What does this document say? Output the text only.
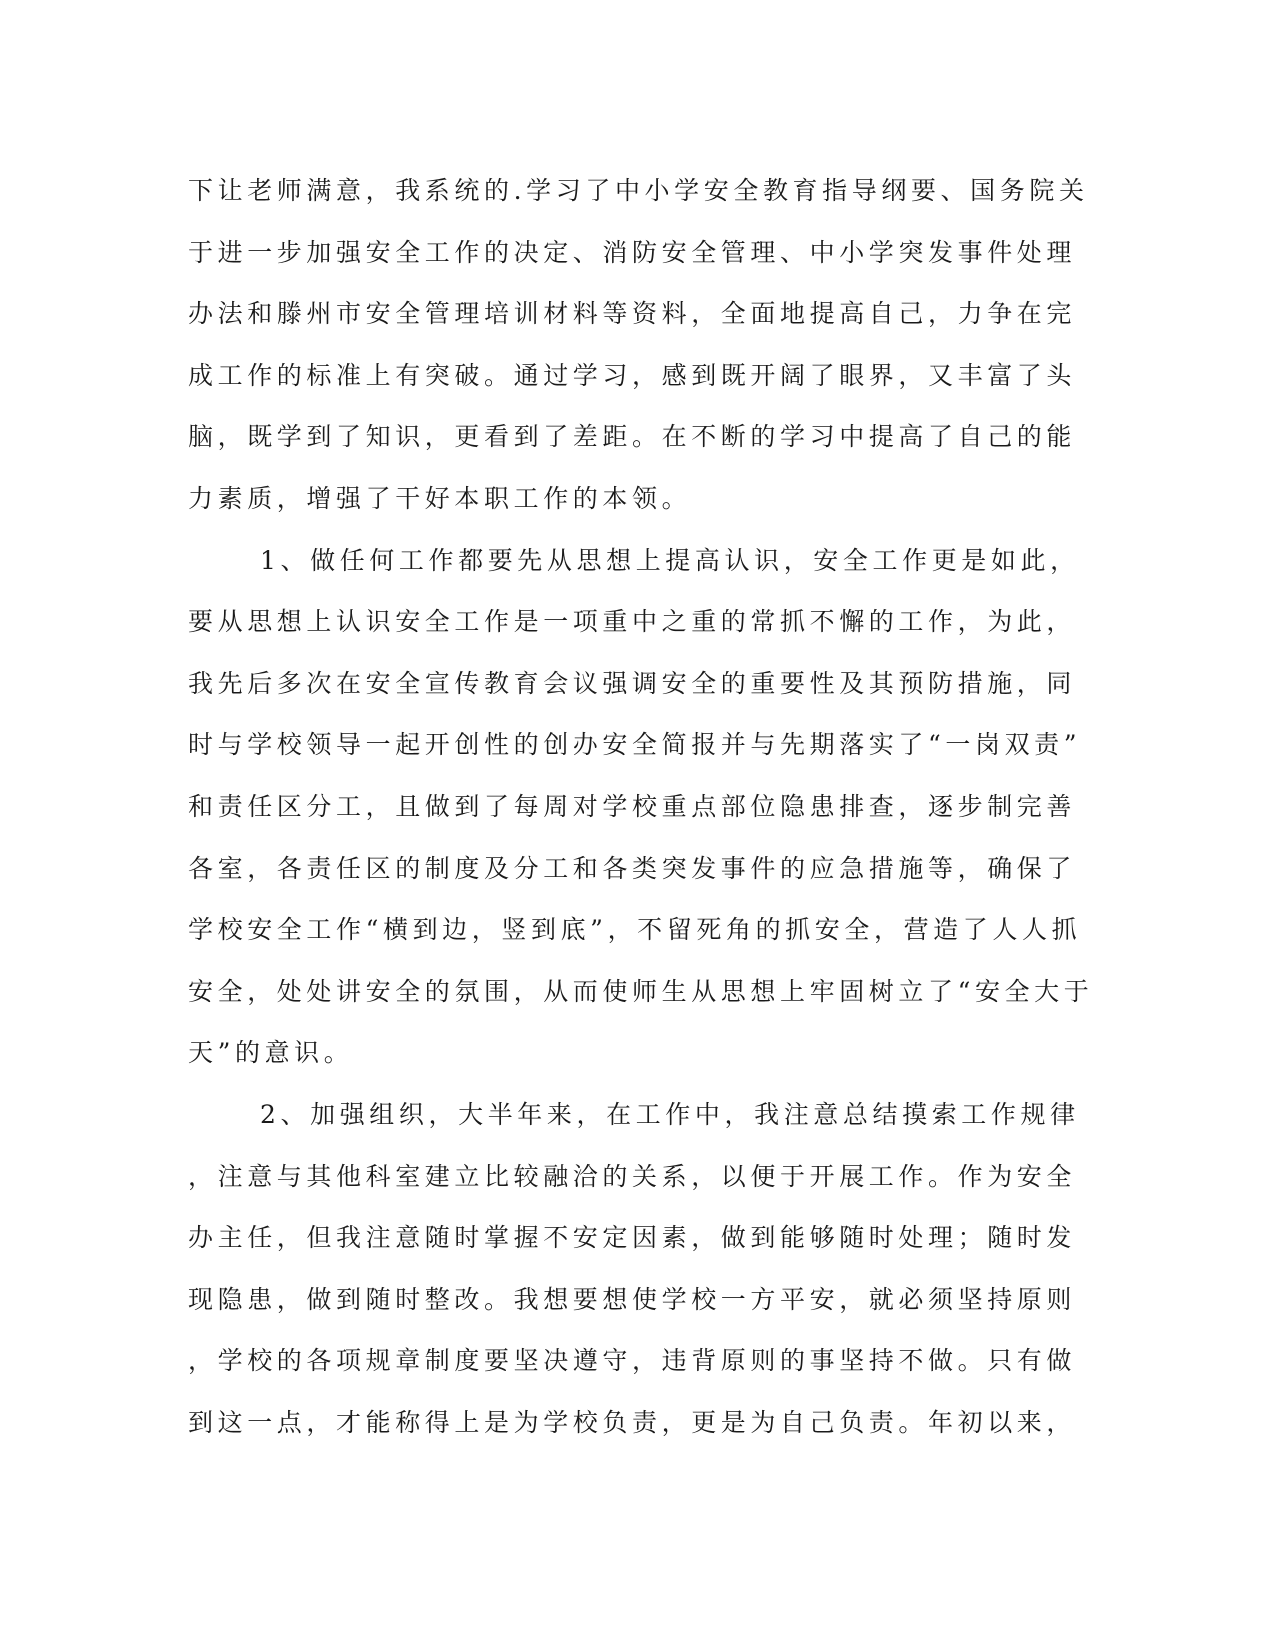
下让老师满意，我系统的.学习了中小学安全教育指导纲要、国务院关
于进一步加强安全工作的决定、消防安全管理、中小学突发事件处理
办法和滕州市安全管理培训材料等资料，全面地提高自己，力争在完
成工作的标准上有突破。通过学习，感到既开阔了眼界，又丰富了头
脑，既学到了知识，更看到了差距。在不断的学习中提高了自己的能
力素质，增强了干好本职工作的本领。
1、做任何工作都要先从思想上提高认识，安全工作更是如此，
要从思想上认识安全工作是一项重中之重的常抓不懈的工作，为此，
我先后多次在安全宣传教育会议强调安全的重要性及其预防措施，同
时与学校领导一起开创性的创办安全简报并与先期落实了“一岗双责”
和责任区分工，且做到了每周对学校重点部位隐患排查，逐步制完善
各室，各责任区的制度及分工和各类突发事件的应急措施等，确保了
学校安全工作“横到边，竖到底”，不留死角的抓安全，营造了人人抓
安全，处处讲安全的氛围，从而使师生从思想上牢固树立了“安全大于
天”的意识。
2、加强组织，大半年来，在工作中，我注意总结摸索工作规律
，注意与其他科室建立比较融洽的关系，以便于开展工作。作为安全
办主任，但我注意随时掌握不安定因素，做到能够随时处理；随时发
现隐患，做到随时整改。我想要想使学校一方平安，就必须坚持原则
，学校的各项规章制度要坚决遵守，违背原则的事坚持不做。只有做
到这一点，才能称得上是为学校负责，更是为自己负责。年初以来，
